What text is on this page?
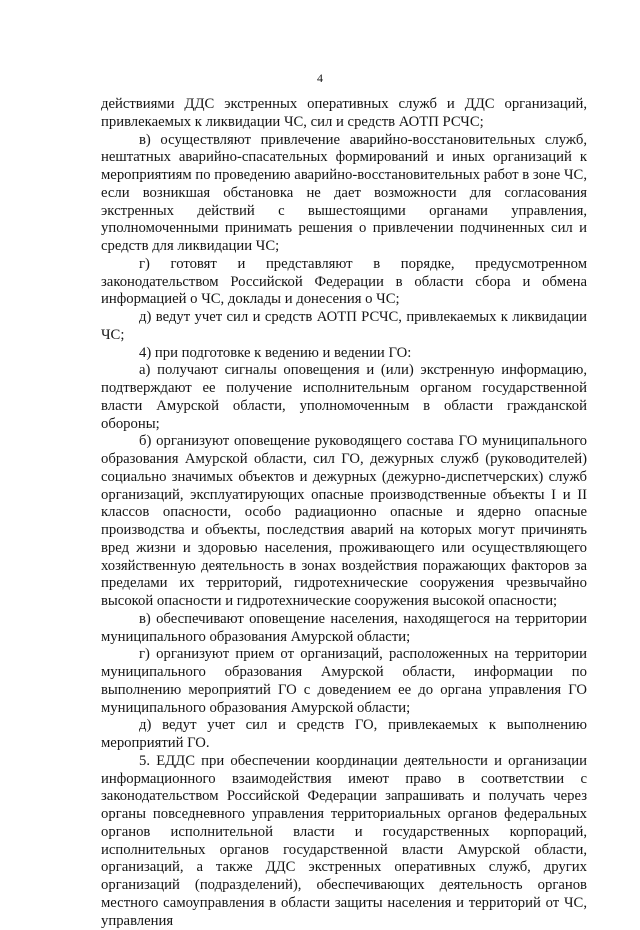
4

действиями ДДС экстренных оперативных служб и ДДС организаций, привлекаемых к ликвидации ЧС, сил и средств АОТП РСЧС;

в) осуществляют привлечение аварийно-восстановительных служб, нештатных аварийно-спасательных формирований и иных организаций к мероприятиям по проведению аварийно-восстановительных работ в зоне ЧС, если возникшая обстановка не дает возможности для согласования экстренных действий с вышестоящими органами управления, уполномоченными принимать решения о привлечении подчиненных сил и средств для ликвидации ЧС;

г) готовят и представляют в порядке, предусмотренном законодательством Российской Федерации в области сбора и обмена информацией о ЧС, доклады и донесения о ЧС;

д) ведут учет сил и средств АОТП РСЧС, привлекаемых к ликвидации ЧС;

4) при подготовке к ведению и ведении ГО:

а) получают сигналы оповещения и (или) экстренную информацию, подтверждают ее получение исполнительным органом государственной власти Амурской области, уполномоченным в области гражданской обороны;

б) организуют оповещение руководящего состава ГО муниципального образования Амурской области, сил ГО, дежурных служб (руководителей) социально значимых объектов и дежурных (дежурно-диспетчерских) служб организаций, эксплуатирующих опасные производственные объекты I и II классов опасности, особо радиационно опасные и ядерно опасные производства и объекты, последствия аварий на которых могут причинять вред жизни и здоровью населения, проживающего или осуществляющего хозяйственную деятельность в зонах воздействия поражающих факторов за пределами их территорий, гидротехнические сооружения чрезвычайно высокой опасности и гидротехнические сооружения высокой опасности;

в) обеспечивают оповещение населения, находящегося на территории муниципального образования Амурской области;

г) организуют прием от организаций, расположенных на территории муниципального образования Амурской области, информации по выполнению мероприятий ГО с доведением ее до органа управления ГО муниципального образования Амурской области;

д) ведут учет сил и средств ГО, привлекаемых к выполнению мероприятий ГО.

5. ЕДДС при обеспечении координации деятельности и организации информационного взаимодействия имеют право в соответствии с законодательством Российской Федерации запрашивать и получать через органы повседневного управления территориальных органов федеральных органов исполнительной власти и государственных корпораций, исполнительных органов государственной власти Амурской области, организаций, а также ДДС экстренных оперативных служб, других организаций (подразделений), обеспечивающих деятельность органов местного самоуправления в области защиты населения и территорий от ЧС, управления
